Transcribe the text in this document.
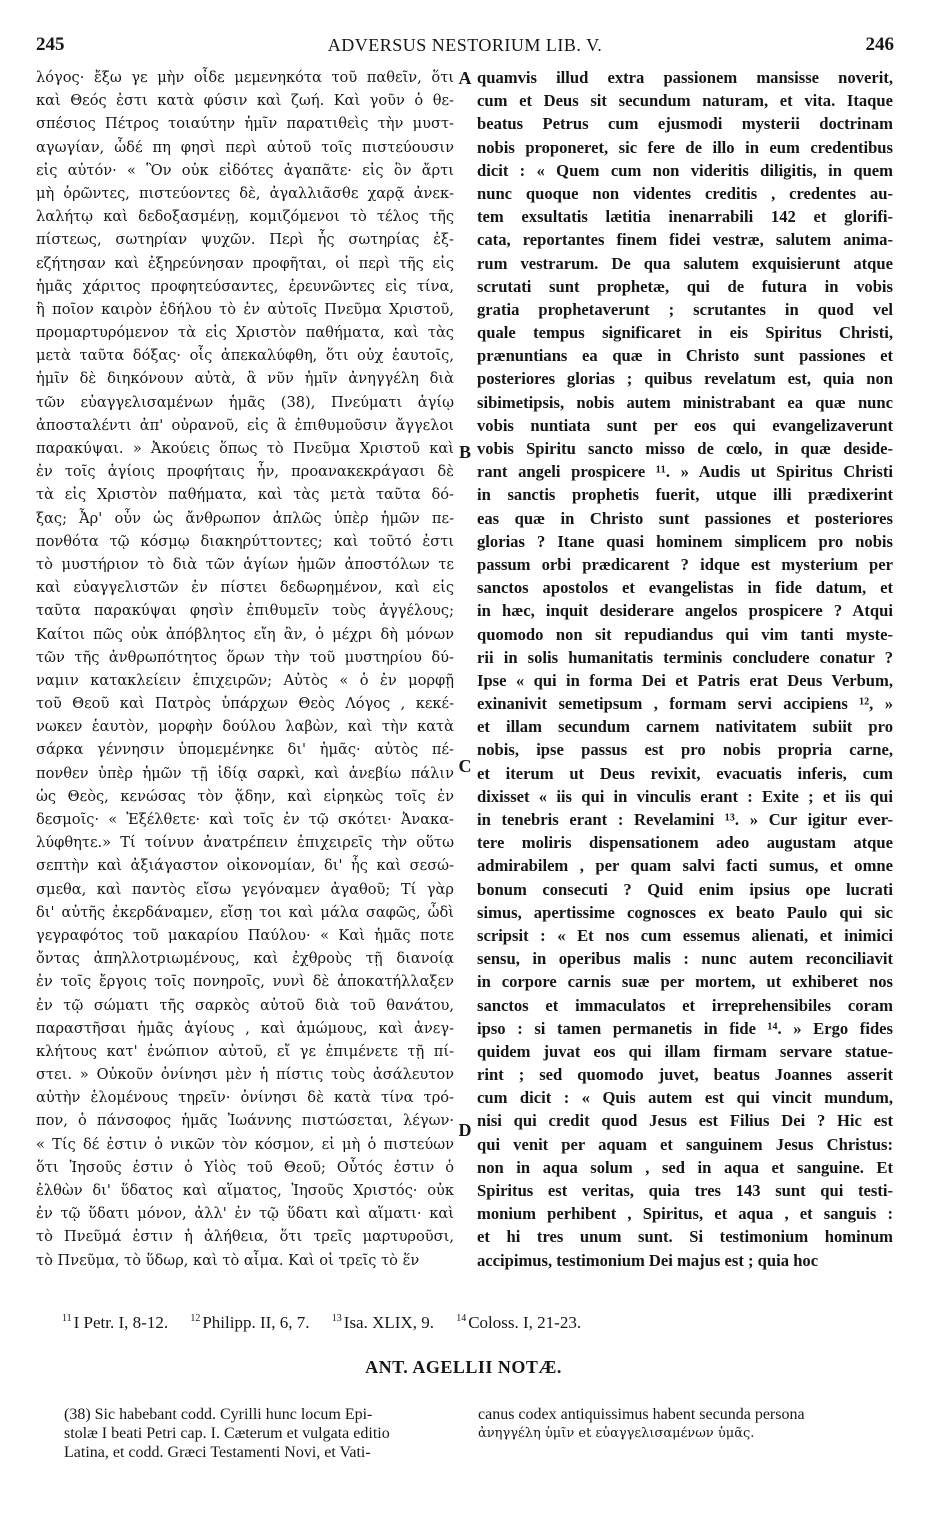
245	ADVERSUS NESTORIUM LIB. V.	246
λόγος· ἔξω γε μὴν οἶδε μεμενηκότα τοῦ παθεῖν, ὅτι
καὶ Θεός ἐστι κατὰ φύσιν καὶ ζωή. Καὶ γοῦν ὁ θε-
σπέσιος Πέτρος τοιαύτην ἡμῖν παρατιθεὶς τὴν μυστ-
αγωγίαν, ὧδέ πη φησὶ περὶ αὐτοῦ τοῖς πιστεύουσιν
εἰς αὐτόν· « Ὃν οὐκ εἰδότες ἀγαπᾶτε· εἰς ὃν ἄρτι
μὴ ὁρῶντες, πιστεύοντες δὲ, ἀγαλλιᾶσθε χαρᾷ ἀνεκ-
λαλήτῳ καὶ δεδοξασμένῃ, κομιζόμενοι τὸ τέλος τῆς
πίστεως, σωτηρίαν ψυχῶν. Περὶ ἧς σωτηρίας ἐξ-
εζήτησαν καὶ ἐξηρεύνησαν προφῆται, οἱ περὶ τῆς εἰς
ἡμᾶς χάριτος προφητεύσαντες, ἐρευνῶντες εἰς τίνα,
ἢ ποῖον καιρὸν ἐδήλου τὸ ἐν αὐτοῖς Πνεῦμα Χριστοῦ,
προμαρτυρόμενον τὰ εἰς Χριστὸν παθήματα, καὶ τὰς
μετὰ ταῦτα δόξας· οἷς ἀπεκαλύφθη, ὅτι οὐχ ἑαυτοῖς,
ἡμῖν δὲ διηκόνουν αὐτὰ, ἃ νῦν ἡμῖν ἀνηγγέλη διὰ
τῶν εὐαγγελισαμένων ἡμᾶς (38), Πνεύματι ἁγίῳ
ἀποσταλέντι ἀπ' οὐρανοῦ, εἰς ἃ ἐπιθυμοῦσιν ἄγγελοι
παρακύψαι. » Ἀκούεις ὅπως τὸ Πνεῦμα Χριστοῦ καὶ
ἐν τοῖς ἁγίοις προφήταις ἦν, προανακεκράγασι δὲ
τὰ εἰς Χριστὸν παθήματα, καὶ τὰς μετὰ ταῦτα δό-
ξας; Ἆρ' οὖν ὡς ἄνθρωπον ἁπλῶς ὑπὲρ ἡμῶν πε-
πονθότα τῷ κόσμῳ διακηρύττοντες; καὶ τοῦτό ἐστι
τὸ μυστήριον τὸ διὰ τῶν ἁγίων ἡμῶν ἀποστόλων τε
καὶ εὐαγγελιστῶν ἐν πίστει δεδωρημένον, καὶ εἰς
ταῦτα παρακύψαι φησὶν ἐπιθυμεῖν τοὺς ἀγγέλους;
Καίτοι πῶς οὐκ ἀπόβλητος εἴη ἂν, ὁ μέχρι δὴ μόνων
τῶν τῆς ἀνθρωπότητος ὅρων τὴν τοῦ μυστηρίου δύ-
ναμιν κατακλείειν ἐπιχειρῶν; Αὐτὸς « ὁ ἐν μορφῇ
τοῦ Θεοῦ καὶ Πατρὸς ὑπάρχων Θεὸς Λόγος , κεκέ-
νωκεν ἑαυτὸν, μορφὴν δούλου λαβὼν, καὶ τὴν κατὰ
σάρκα γέννησιν ὑπομεμένηκε δι' ἡμᾶς· αὐτὸς πέ-
πονθεν ὑπὲρ ἡμῶν τῇ ἰδίᾳ σαρκὶ, καὶ ἀνεβίω πάλιν
ὡς Θεὸς, κενώσας τὸν ᾅδην, καὶ εἰρηκὼς τοῖς ἐν
δεσμοῖς· « Ἐξέλθετε· καὶ τοῖς ἐν τῷ σκότει· Ἀνακα-
λύφθητε.» Τί τοίνυν ἀνατρέπειν ἐπιχειρεῖς τὴν οὕτω
σεπτὴν καὶ ἀξιάγαστον οἰκονομίαν, δι' ἧς καὶ σεσώ-
σμεθα, καὶ παντὸς εἴσω γεγόναμεν ἀγαθοῦ; Τί γὰρ
δι' αὐτῆς ἐκερδάναμεν, εἴσῃ τοι καὶ μάλα σαφῶς, ὧδὶ
γεγραφότος τοῦ μακαρίου Παύλου· « Καὶ ἡμᾶς ποτε
ὄντας ἀπηλλοτριωμένους, καὶ ἐχθροὺς τῇ διανοίᾳ
ἐν τοῖς ἔργοις τοῖς πονηροῖς, νυνὶ δὲ ἀποκατήλλαξεν
ἐν τῷ σώματι τῆς σαρκὸς αὐτοῦ διὰ τοῦ θανάτου,
παραστῆσαι ἡμᾶς ἁγίους , καὶ ἀμώμους, καὶ ἀνεγ-
κλήτους κατ' ἐνώπιον αὐτοῦ, εἴ γε ἐπιμένετε τῇ πί-
στει. » Οὐκοῦν ὀνίνησι μὲν ἡ πίστις τοὺς ἀσάλευτον
αὐτὴν ἑλομένους τηρεῖν· ὀνίνησι δὲ κατὰ τίνα τρό-
πον, ὁ πάνσοφος ἡμᾶς Ἰωάννης πιστώσεται, λέγων·
« Τίς δέ ἐστιν ὁ νικῶν τὸν κόσμον, εἰ μὴ ὁ πιστεύων
ὅτι Ἰησοῦς ἐστιν ὁ Υἱὸς τοῦ Θεοῦ; Οὗτός ἐστιν ὁ
ἐλθὼν δι' ὕδατος καὶ αἵματος, Ἰησοῦς Χριστός· οὐκ
ἐν τῷ ὕδατι μόνον, ἀλλ' ἐν τῷ ὕδατι καὶ αἵματι· καὶ
τὸ Πνεῦμά ἐστιν ἡ ἀλήθεια, ὅτι τρεῖς μαρτυροῦσι,
τὸ Πνεῦμα, τὸ ὕδωρ, καὶ τὸ αἷμα. Καὶ οἱ τρεῖς τὸ ἕν
A
B
C
D
quamvis illud extra passionem mansisse noverit,
cum et Deus sit secundum naturam, et vita. Itaque
beatus Petrus cum ejusmodi mysterii doctrinam
nobis proponeret, sic fere de illo in eum credentibus
dicit : « Quem cum non videritis diligitis, in quem
nunc quoque non videntes creditis , credentes au-
tem exsultatis lætitia inenarrabili 142 et glorifi-
cata, reportantes finem fidei vestræ, salutem anima-
rum vestrarum. De qua salutem exquisierunt atque
scrutati sunt prophetæ, qui de futura in vobis
gratia prophetaverunt ; scrutantes in quod vel
quale tempus significaret in eis Spiritus Christi,
prænuntians ea quæ in Christo sunt passiones et
posteriores glorias ; quibus revelatum est, quia non
sibimetipsis, nobis autem ministrabant ea quæ nunc
vobis nuntiata sunt per eos qui evangelizaverunt
vobis Spiritu sancto misso de cœlo, in quæ deside-
rant angeli prospicere ¹¹. » Audis ut Spiritus Christi
in sanctis prophetis fuerit, utque illi prædixerint
eas quæ in Christo sunt passiones et posteriores
glorias ? Itane quasi hominem simplicem pro nobis
passum orbi prædicarent ? idque est mysterium per
sanctos apostolos et evangelistas in fide datum, et
in hæc, inquit desiderare angelos prospicere ? Atqui
quomodo non sit repudiandus qui vim tanti myste-
rii in solis humanitatis terminis concludere conatur ?
Ipse « qui in forma Dei et Patris erat Deus Verbum,
exinanivit semetipsum , formam servi accipiens ¹², »
et illam secundum carnem nativitatem subiit pro
nobis, ipse passus est pro nobis propria carne,
et iterum ut Deus revixit, evacuatis inferis, cum
dixisset « iis qui in vinculis erant : Exite ; et iis qui
in tenebris erant : Revelamini ¹³. » Cur igitur ever-
tere moliris dispensationem adeo augustam atque
admirabilem , per quam salvi facti sumus, et omne
bonum consecuti ? Quid enim ipsius ope lucrati
simus, apertissime cognosces ex beato Paulo qui sic
scripsit : « Et nos cum essemus alienati, et inimici
sensu, in operibus malis : nunc autem reconciliavit
in corpore carnis suæ per mortem, ut exhiberet nos
sanctos et immaculatos et irreprehensibiles coram
ipso : si tamen permanetis in fide ¹⁴. » Ergo fides
quidem juvat eos qui illam firmam servare statue-
rint ; sed quomodo juvet, beatus Joannes asserit
cum dicit : « Quis autem est qui vincit mundum,
nisi qui credit quod Jesus est Filius Dei ? Hic est
qui venit per aquam et sanguinem Jesus Christus:
non in aqua solum , sed in aqua et sanguine. Et
Spiritus est veritas, quia tres 143 sunt qui testi-
monium perhibent , Spiritus, et aqua , et sanguis :
et hi tres unum sunt. Si testimonium hominum
accipimus, testimonium Dei majus est ; quia hoc
$^{11}$ I Petr. I, 8-12. $^{12}$ Philipp. II, 6, 7. $^{13}$ Isa. XLIX, 9. $^{14}$ Coloss. I, 21-23.
ANT. AGELLII NOTÆ.
(38) Sic habebant codd. Cyrilli hunc locum Epi-
stolæ I beati Petri cap. I. Cæterum et vulgata editio
Latina, et codd. Græci Testamenti Novi, et Vati-
canus codex antiquissimus habent secunda persona
ἀνηγγέλη ὑμῖν et εὐαγγελισαμένων ὑμᾶς.
